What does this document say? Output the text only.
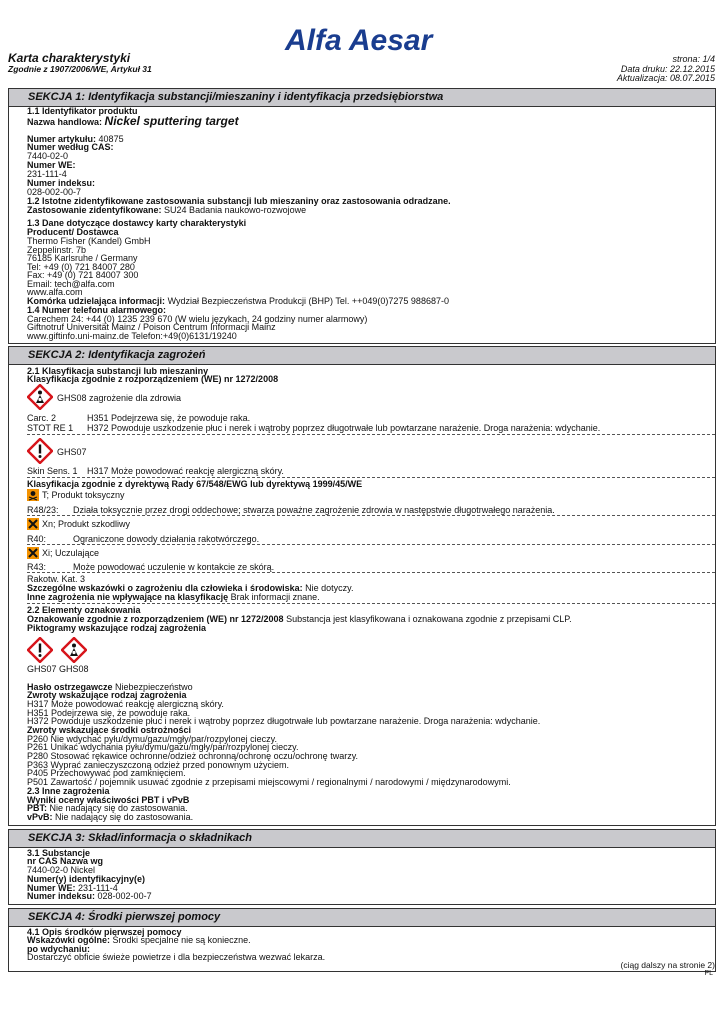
Alfa Aesar
Karta charakterystyki
Zgodnie z 1907/2006/WE, Artykuł 31
strona: 1/4
Data druku: 22.12.2015
Aktualizacja: 08.07.2015
SEKCJA 1: Identyfikacja substancji/mieszaniny i identyfikacja przedsiębiorstwa
1.1 Identyfikator produktu
Nazwa handlowa: Nickel sputtering target
Numer artykułu: 40875
Numer według CAS:
7440-02-0
Numer WE:
231-111-4
Numer indeksu:
028-002-00-7
1.2 Istotne zidentyfikowane zastosowania substancji lub mieszaniny oraz zastosowania odradzane.
Zastosowanie zidentyfikowane: SU24 Badania naukowo-rozwojowe
1.3 Dane dotyczące dostawcy karty charakterystyki
Producent/ Dostawca
Thermo Fisher (Kandel) GmbH
Zeppelinstr. 7b
76185 Karlsruhe / Germany
Tel: +49 (0) 721 84007 280
Fax: +49 (0) 721 84007 300
Email: tech@alfa.com
www.alfa.com
Komórka udzielająca informacji: Wydział Bezpieczeństwa Produkcji (BHP) Tel. ++049(0)7275 988687-0
1.4 Numer telefonu alarmowego:
Carechem 24: +44 (0) 1235 239 670 (W wielu językach, 24 godziny numer alarmowy)
Giftnotruf Universität Mainz / Poison Centrum Informacji Mainz
www.giftinfo.uni-mainz.de Telefon:+49(0)6131/19240
SEKCJA 2: Identyfikacja zagrożeń
2.1 Klasyfikacja substancji lub mieszaniny
Klasyfikacja zgodnie z rozporządzeniem (WE) nr 1272/2008
GHS08 zagrożenie dla zdrowia
Carc. 2	H351 Podejrzewa się, że powoduje raka.
STOT RE 1 H372 Powoduje uszkodzenie płuc i nerek i wątroby poprzez długotrwałe lub powtarzane narażenie. Droga narażenia: wdychanie.
GHS07
Skin Sens. 1 H317 Może powodować reakcję alergiczną skóry.
Klasyfikacja zgodnie z dyrektywą Rady 67/548/EWG lub dyrektywą 1999/45/WE
T; Produkt toksyczny
R48/23: Działa toksycznie przez drogi oddechowe; stwarza poważne zagrożenie zdrowia w następstwie długotrwałego narażenia.
Xn; Produkt szkodliwy
R40:	Ograniczone dowody działania rakotwórczego.
Xi; Uczulające
R43:	Może powodować uczulenie w kontakcie ze skórą.
Rakotw. Kat. 3
Szczególne wskazówki o zagrożeniu dla człowieka i środowiska: Nie dotyczy.
Inne zagrożenia nie wpływające na klasyfikację Brak informacji znane.
2.2 Elementy oznakowania
Oznakowanie zgodnie z rozporządzeniem (WE) nr 1272/2008 Substancja jest klasyfikowana i oznakowana zgodnie z przepisami CLP.
Piktogramy wskazujące rodzaj zagrożenia
GHS07 GHS08
Hasło ostrzegawcze Niebezpieczeństwo
Zwroty wskazujące rodzaj zagrożenia
H317 Może powodować reakcję alergiczną skóry.
H351 Podejrzewa się, że powoduje raka.
H372 Powoduje uszkodzenie płuc i nerek i wątroby poprzez długotrwałe lub powtarzane narażenie. Droga narażenia: wdychanie.
Zwroty wskazujące środki ostrożności
P260 Nie wdychać pyłu/dymu/gazu/mgły/par/rozpylonej cieczy.
P261 Unikać wdychania pyłu/dymu/gazu/mgły/par/rozpylonej cieczy.
P280 Stosować rękawice ochronne/odzież ochronną/ochronę oczu/ochronę twarzy.
P363 Wyprać zanieczyszczoną odzież przed ponownym użyciem.
P405 Przechowywać pod zamknięciem.
P501 Zawartość / pojemnik usuwać zgodnie z przepisami miejscowymi / regionalnymi / narodowymi / międzynarodowymi.
2.3 Inne zagrożenia
Wyniki oceny właściwości PBT i vPvB
PBT: Nie nadający się do zastosowania.
vPvB: Nie nadający się do zastosowania.
SEKCJA 3: Skład/informacja o składnikach
3.1 Substancje
nr CAS Nazwa wg
7440-02-0 Nickel
Numer(y) identyfikacyjny(e)
Numer WE: 231-111-4
Numer indeksu: 028-002-00-7
SEKCJA 4: Środki pierwszej pomocy
4.1 Opis środków pierwszej pomocy
Wskazówki ogólne: Środki specjalne nie są konieczne.
po wdychaniu:
Dostarczyć obficie świeże powietrze i dla bezpieczeństwa wezwać lekarza.
(ciąg dalszy na stronie 2)
PL
